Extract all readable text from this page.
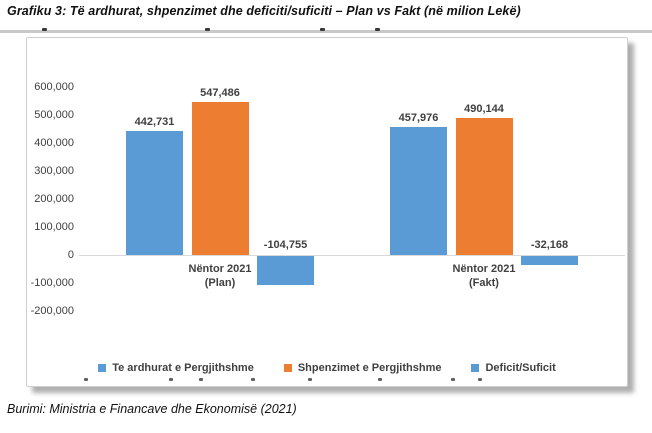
Grafiku 3: Të ardhurat, shpenzimet dhe deficiti/suficiti – Plan vs Fakt (në milion Lekë)
600,000
500,000
400,000
300,000
200,000
100,000
0
-100,000
-200,000
442,731	457,976
547,486
490,144
-104,755	-32,168
Nëntor 2021
(Plan)
Nëntor 2021
(Fakt)
Te ardhurat e Pergjithshme	Shpenzimet e Pergjithshme	Deficit/Suficit
Burimi: Ministria e Financave dhe Ekonomisë (2021)
